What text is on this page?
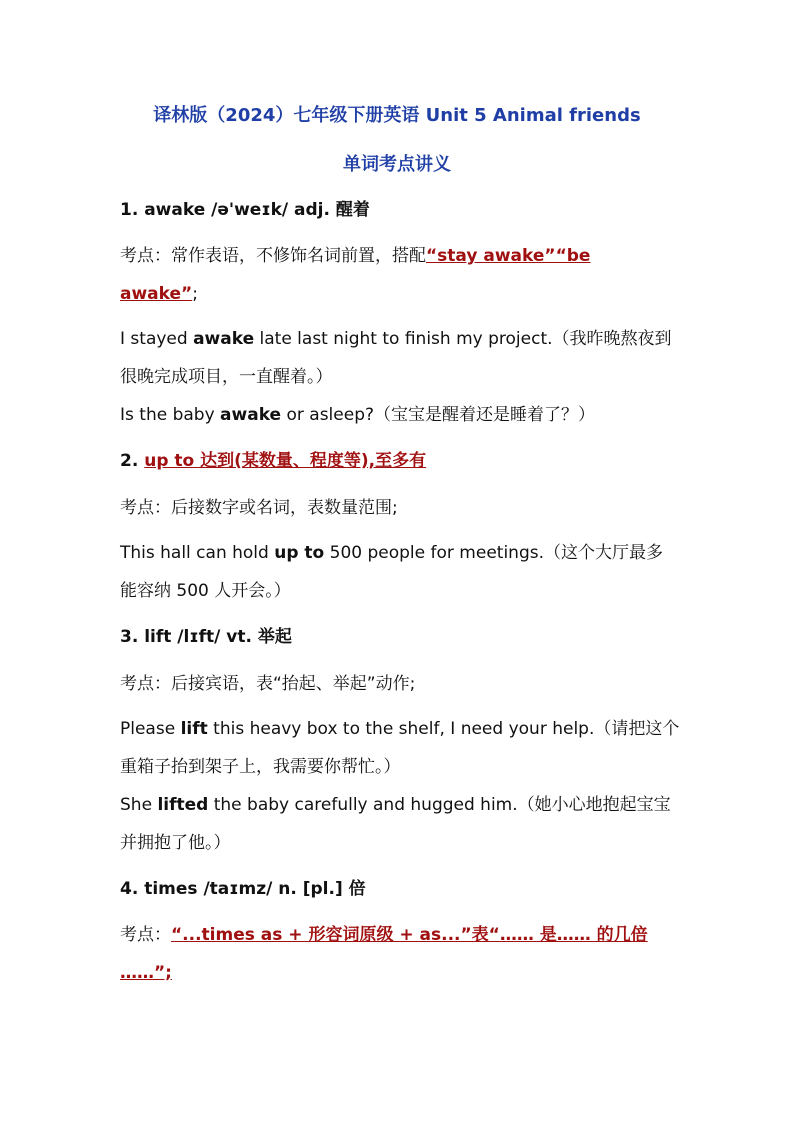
译林版（2024）七年级下册英语 Unit 5 Animal friends
单词考点讲义
1. awake /ə'weɪk/ adj. 醒着
考点：常作表语，不修饰名词前置，搭配“stay awake”“be
awake”;
I stayed awake late last night to finish my project.（我昨晚熬夜到
很晚完成项目，一直醒着。）
Is the baby awake or asleep?（宝宝是醒着还是睡着了？）
2. up to 达到(某数量、程度等),至多有
考点：后接数字或名词，表数量范围;
This hall can hold up to 500 people for meetings.（这个大厅最多
能容纳 500 人开会。）
3. lift /lɪft/ vt. 举起
考点：后接宾语，表“抬起、举起”动作;
Please lift this heavy box to the shelf, I need your help.（请把这个
重箱子抬到架子上，我需要你帮忙。）
She lifted the baby carefully and hugged him.（她小心地抱起宝宝
并拥抱了他。）
4. times /taɪmz/ n. [pl.] 倍
考点：“...times as + 形容词原级 + as...”表“…… 是…… 的几倍
……”;
